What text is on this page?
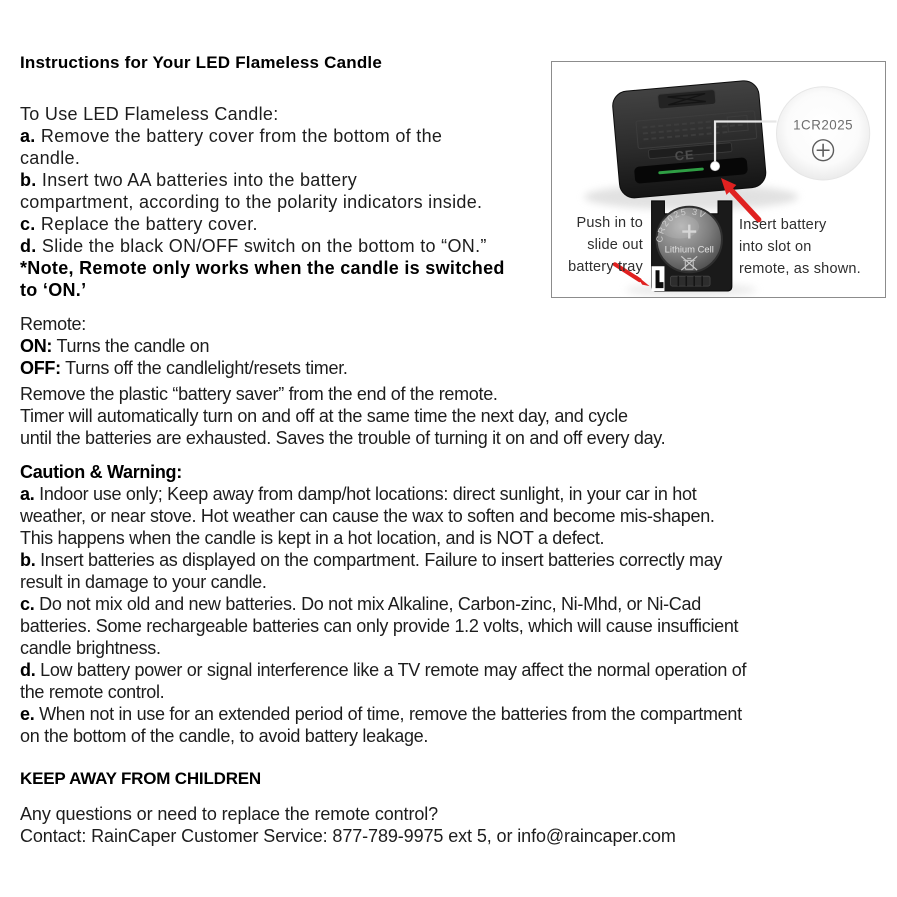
Instructions for Your LED Flameless Candle
To Use LED Flameless Candle:
a. Remove the battery cover from the bottom of the
candle.
b. Insert two AA batteries into the battery
compartment, according to the polarity indicators inside.
c. Replace the battery cover.
d. Slide the black ON/OFF switch on the bottom to “ON.”
*Note, Remote only works when the candle is switched
to ‘ON.’
Remote:
ON: Turns the candle on
OFF: Turns off the candlelight/resets timer.
Remove the plastic “battery saver” from the end of the remote.
Timer will automatically turn on and off at the same time the next day, and cycle
until the batteries are exhausted. Saves the trouble of turning it on and off every day.
Caution & Warning:
a. Indoor use only; Keep away from damp/hot locations: direct sunlight, in your car in hot
weather, or near stove. Hot weather can cause the wax to soften and become mis-shapen.
This happens when the candle is kept in a hot location, and is NOT a defect.
b. Insert batteries as displayed on the compartment. Failure to insert batteries correctly may
result in damage to your candle.
c. Do not mix old and new batteries. Do not mix Alkaline, Carbon-zinc, Ni-Mhd, or Ni-Cad
batteries. Some rechargeable batteries can only provide 1.2 volts, which will cause insufficient
candle brightness.
d. Low battery power or signal interference like a TV remote may affect the normal operation of
the remote control.
e. When not in use for an extended period of time, remove the batteries from the compartment
on the bottom of the candle, to avoid battery leakage.
KEEP AWAY FROM CHILDREN
Any questions or need to replace the remote control?
Contact: RainCaper Customer Service: 877-789-9975 ext 5, or info@raincaper.com
CE
1CR2025
CR2025 3V
Lithium Cell
Push in to
slide out
battery tray
Insert battery
into slot on
remote, as shown.
